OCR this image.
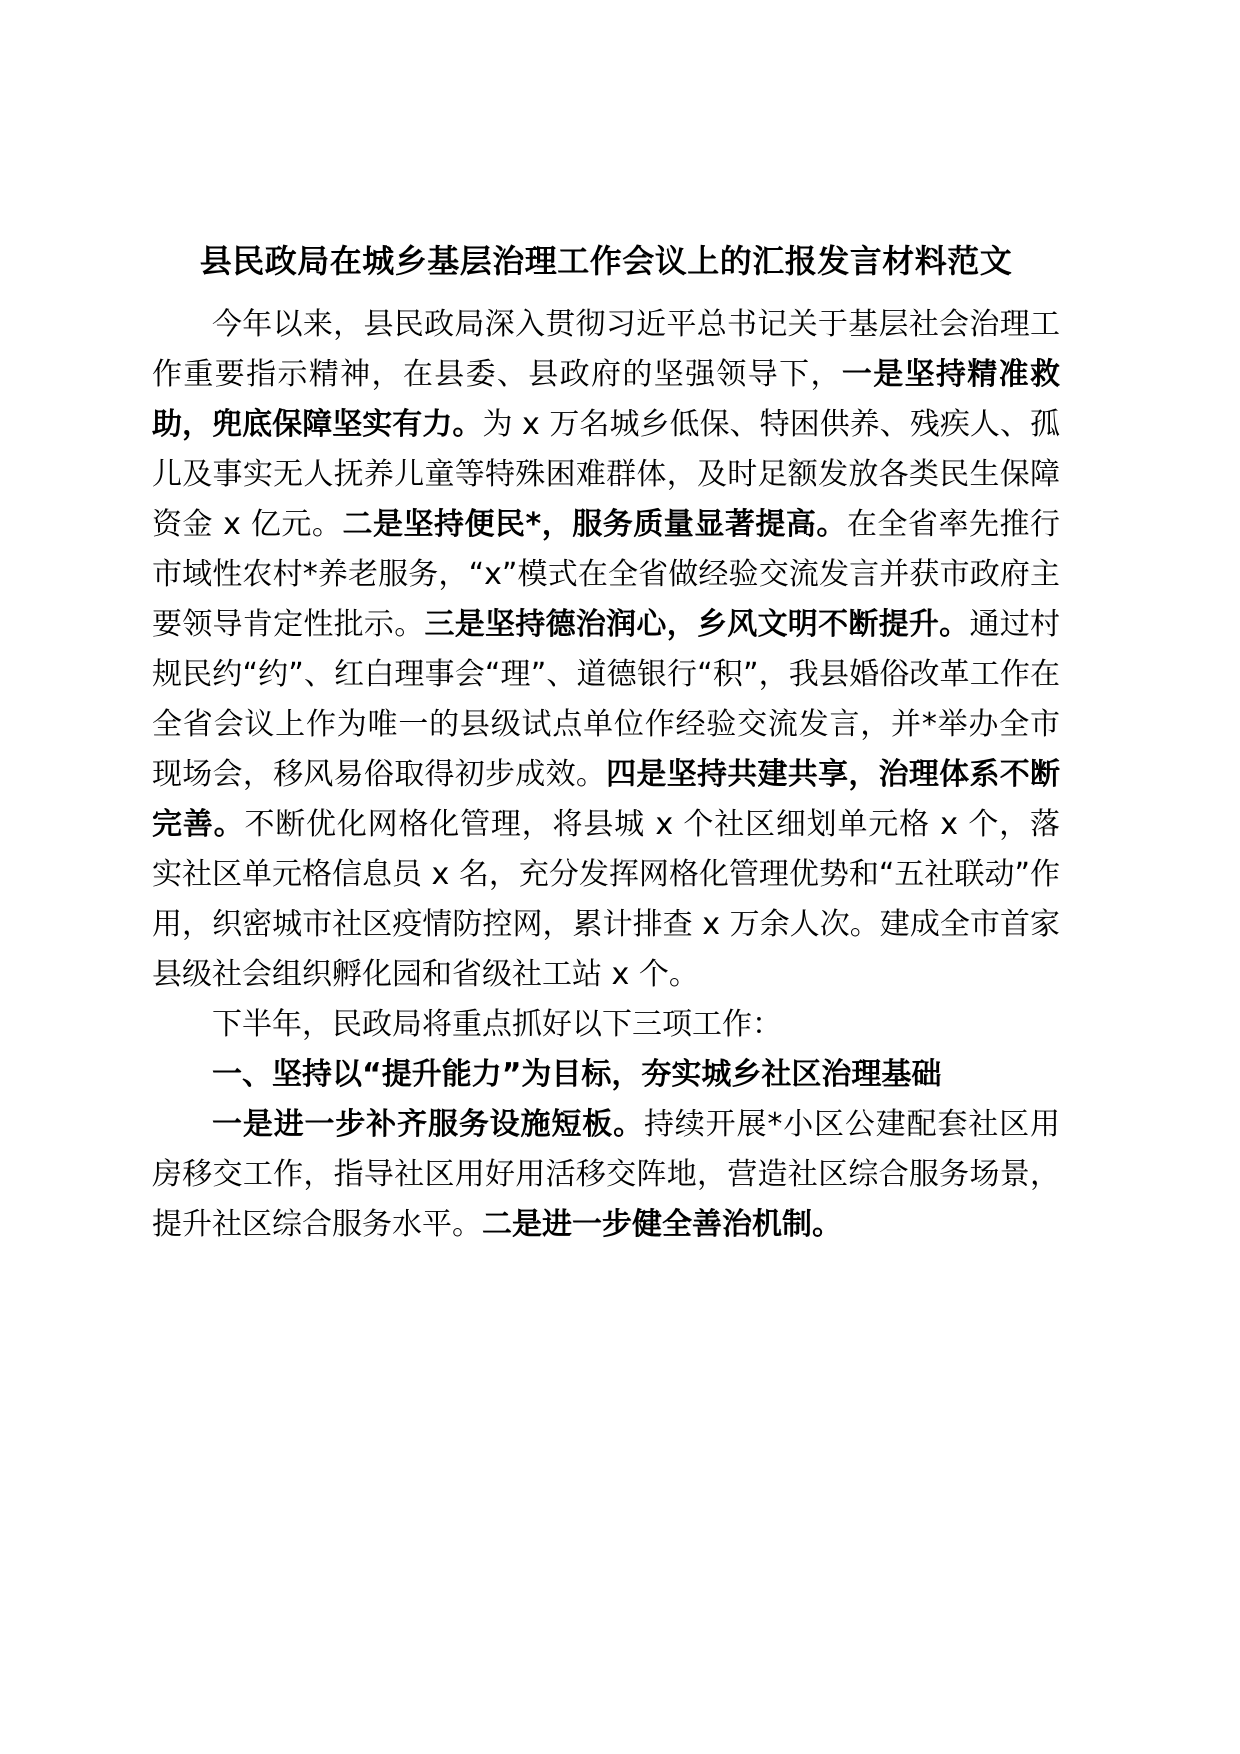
县民政局在城乡基层治理工作会议上的汇报发言材料范文

今年以来，县民政局深入贯彻习近平总书记关于基层社会治理工作重要指示精神，在县委、县政府的坚强领导下，一是坚持精准救助，兜底保障坚实有力。为 x 万名城乡低保、特困供养、残疾人、孤儿及事实无人抚养儿童等特殊困难群体，及时足额发放各类民生保障资金 x 亿元。二是坚持便民*，服务质量显著提高。在全省率先推行市域性农村*养老服务，“x”模式在全省做经验交流发言并获市政府主要领导肯定性批示。三是坚持德治润心，乡风文明不断提升。通过村规民约“约”、红白理事会“理”、道德银行“积”，我县婚俗改革工作在全省会议上作为唯一的县级试点单位作经验交流发言，并*举办全市现场会，移风易俗取得初步成效。四是坚持共建共享，治理体系不断完善。不断优化网格化管理，将县城 x 个社区细划单元格 x 个，落实社区单元格信息员 x 名，充分发挥网格化管理优势和“五社联动”作用，织密城市社区疫情防控网，累计排查 x 万余人次。建成全市首家县级社会组织孵化园和省级社工站 x 个。

下半年，民政局将重点抓好以下三项工作：

一、坚持以“提升能力”为目标，夯实城乡社区治理基础

一是进一步补齐服务设施短板。持续开展*小区公建配套社区用房移交工作，指导社区用好用活移交阵地，营造社区综合服务场景，提升社区综合服务水平。二是进一步健全善治机制。
